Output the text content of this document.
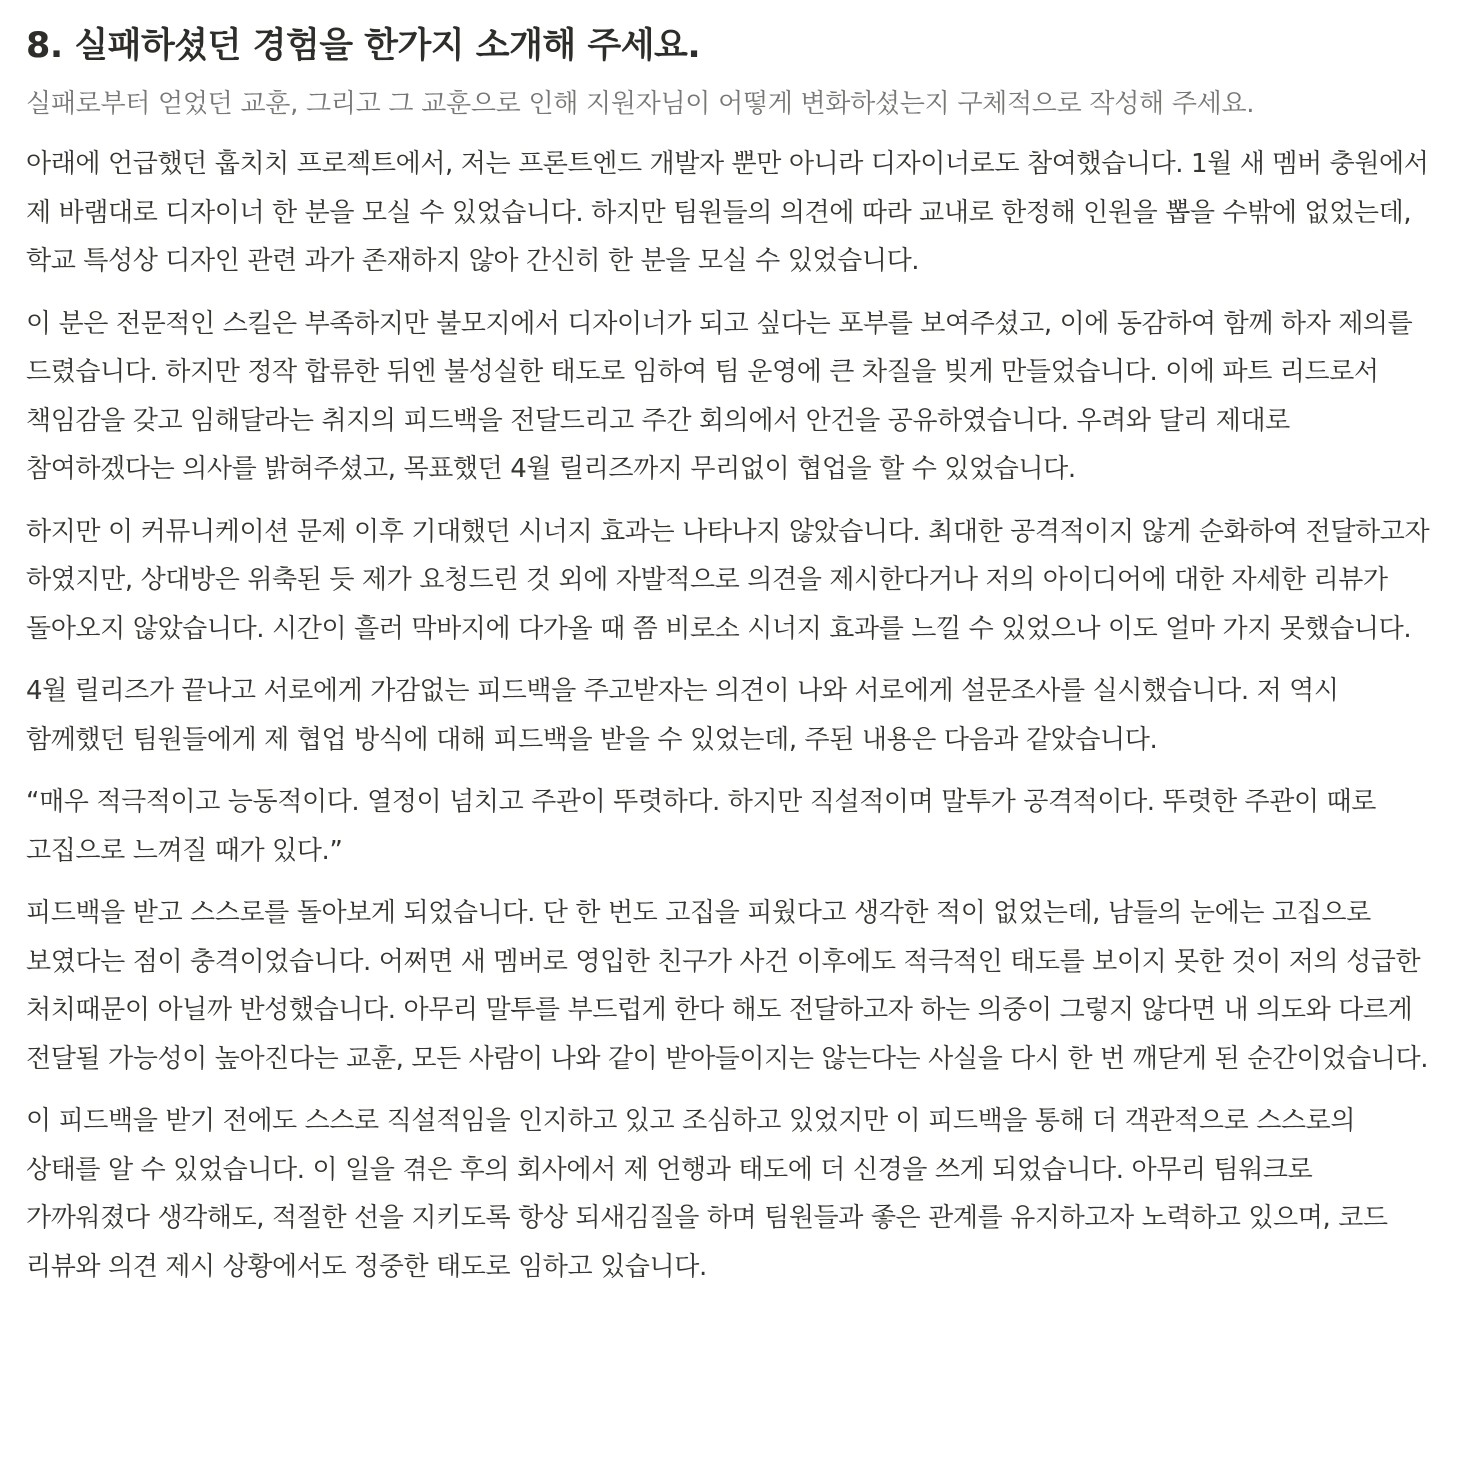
8. 실패하셨던 경험을 한가지 소개해 주세요.

실패로부터 얻었던 교훈, 그리고 그 교훈으로 인해 지원자님이 어떻게 변화하셨는지 구체적으로 작성해 주세요.

아래에 언급했던 훕치치 프로젝트에서, 저는 프론트엔드 개발자 뿐만 아니라 디자이너로도 참여했습니다. 1월 새 멤버 충원에서 제 바램대로 디자이너 한 분을 모실 수 있었습니다. 하지만 팀원들의 의견에 따라 교내로 한정해 인원을 뽑을 수밖에 없었는데, 학교 특성상 디자인 관련 과가 존재하지 않아 간신히 한 분을 모실 수 있었습니다.

이 분은 전문적인 스킬은 부족하지만 불모지에서 디자이너가 되고 싶다는 포부를 보여주셨고, 이에 동감하여 함께 하자 제의를 드렸습니다. 하지만 정작 합류한 뒤엔 불성실한 태도로 임하여 팀 운영에 큰 차질을 빚게 만들었습니다. 이에 파트 리드로서 책임감을 갖고 임해달라는 취지의 피드백을 전달드리고 주간 회의에서 안건을 공유하였습니다. 우려와 달리 제대로 참여하겠다는 의사를 밝혀주셨고, 목표했던 4월 릴리즈까지 무리없이 협업을 할 수 있었습니다.

하지만 이 커뮤니케이션 문제 이후 기대했던 시너지 효과는 나타나지 않았습니다. 최대한 공격적이지 않게 순화하여 전달하고자 하였지만, 상대방은 위축된 듯 제가 요청드린 것 외에 자발적으로 의견을 제시한다거나 저의 아이디어에 대한 자세한 리뷰가 돌아오지 않았습니다. 시간이 흘러 막바지에 다가올 때 쯤 비로소 시너지 효과를 느낄 수 있었으나 이도 얼마 가지 못했습니다.

4월 릴리즈가 끝나고 서로에게 가감없는 피드백을 주고받자는 의견이 나와 서로에게 설문조사를 실시했습니다. 저 역시 함께했던 팀원들에게 제 협업 방식에 대해 피드백을 받을 수 있었는데, 주된 내용은 다음과 같았습니다.

“매우 적극적이고 능동적이다. 열정이 넘치고 주관이 뚜렷하다. 하지만 직설적이며 말투가 공격적이다. 뚜렷한 주관이 때로 고집으로 느껴질 때가 있다.”

피드백을 받고 스스로를 돌아보게 되었습니다. 단 한 번도 고집을 피웠다고 생각한 적이 없었는데, 남들의 눈에는 고집으로 보였다는 점이 충격이었습니다. 어쩌면 새 멤버로 영입한 친구가 사건 이후에도 적극적인 태도를 보이지 못한 것이 저의 성급한 처치때문이 아닐까 반성했습니다. 아무리 말투를 부드럽게 한다 해도 전달하고자 하는 의중이 그렇지 않다면 내 의도와 다르게 전달될 가능성이 높아진다는 교훈, 모든 사람이 나와 같이 받아들이지는 않는다는 사실을 다시 한 번 깨닫게 된 순간이었습니다.

이 피드백을 받기 전에도 스스로 직설적임을 인지하고 있고 조심하고 있었지만 이 피드백을 통해 더 객관적으로 스스로의 상태를 알 수 있었습니다. 이 일을 겪은 후의 회사에서 제 언행과 태도에 더 신경을 쓰게 되었습니다. 아무리 팀워크로 가까워졌다 생각해도, 적절한 선을 지키도록 항상 되새김질을 하며 팀원들과 좋은 관계를 유지하고자 노력하고 있으며, 코드 리뷰와 의견 제시 상황에서도 정중한 태도로 임하고 있습니다.
